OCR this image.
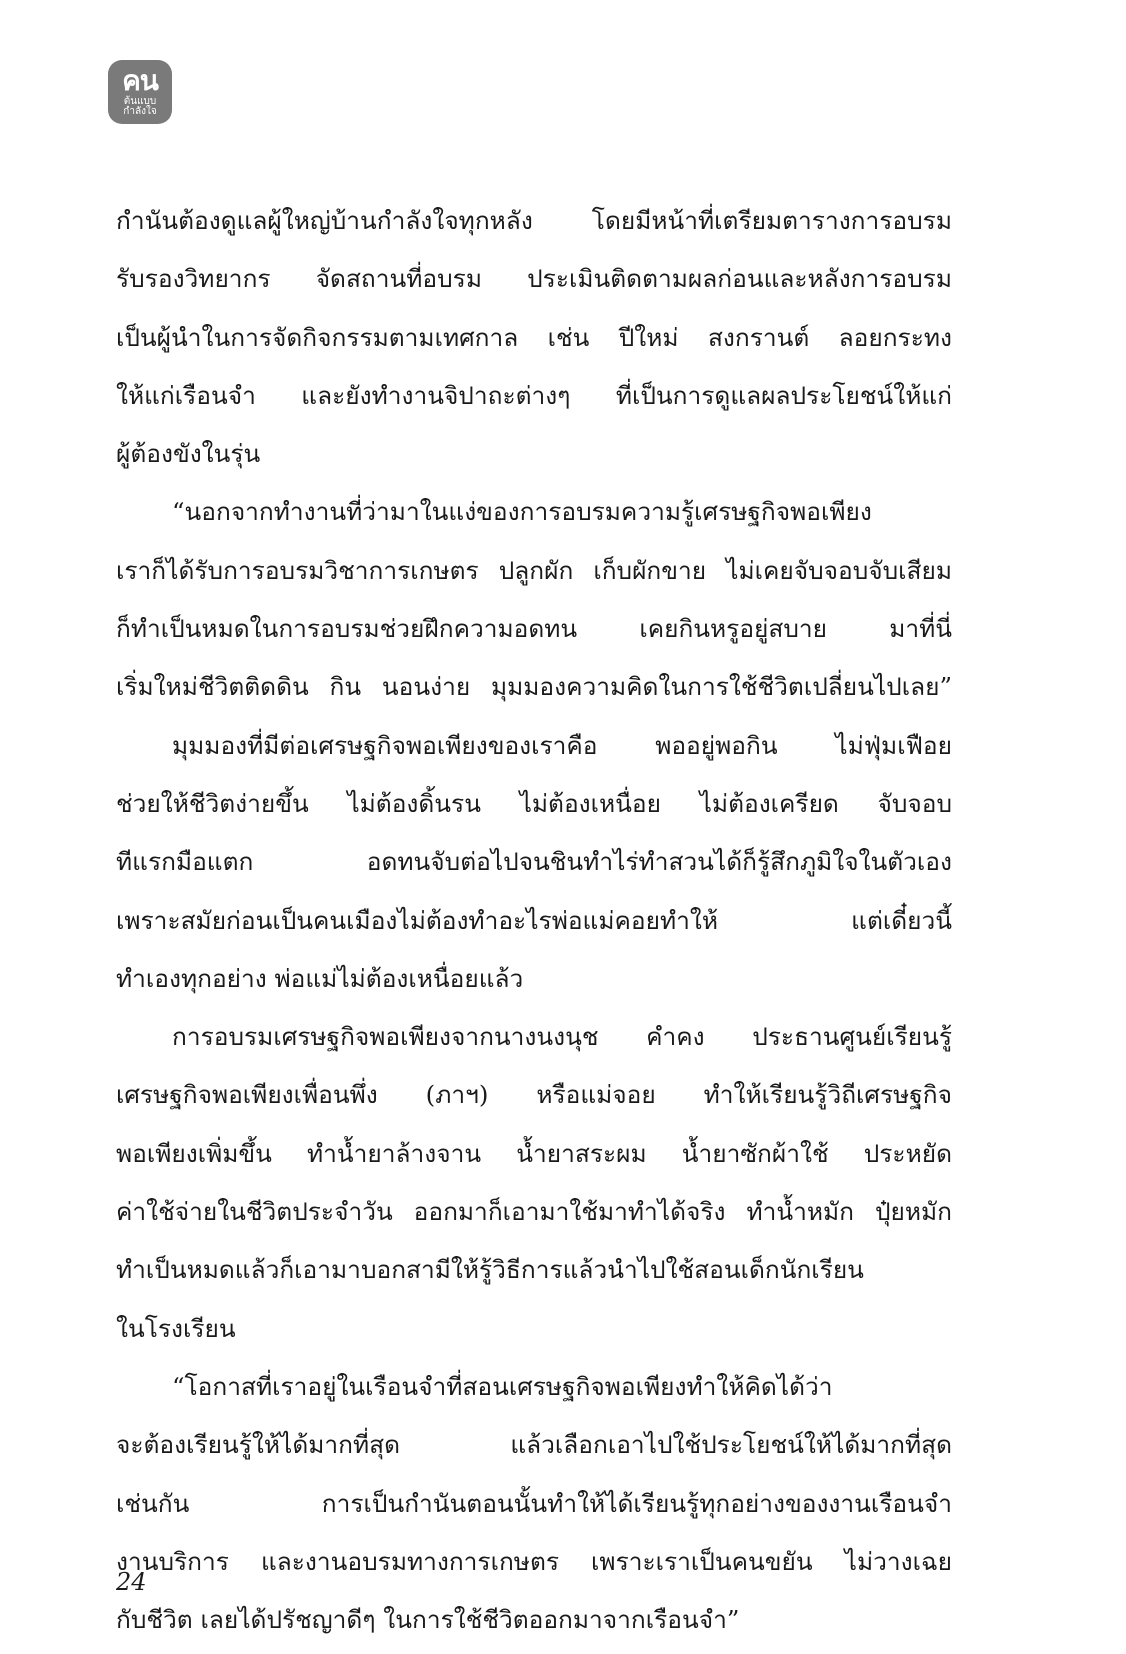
คน
ต้นแบบ
กำลังใจ

กำนันต้องดูแลผู้ใหญ่บ้านกำลังใจทุกหลัง โดยมีหน้าที่เตรียมตารางการอบรม
รับรองวิทยากร จัดสถานที่อบรม ประเมินติดตามผลก่อนและหลังการอบรม
เป็นผู้นำในการจัดกิจกรรมตามเทศกาล เช่น ปีใหม่ สงกรานต์ ลอยกระทง
ให้แก่เรือนจำ และยังทำงานจิปาถะต่างๆ ที่เป็นการดูแลผลประโยชน์ให้แก่
ผู้ต้องขังในรุ่น

“นอกจากทำงานที่ว่ามาในแง่ของการอบรมความรู้เศรษฐกิจพอเพียง
เราก็ได้รับการอบรมวิชาการเกษตร ปลูกผัก เก็บผักขาย ไม่เคยจับจอบจับเสียม
ก็ทำเป็นหมดในการอบรมช่วยฝึกความอดทน เคยกินหรูอยู่สบาย มาที่นี่
เริ่มใหม่ชีวิตติดดิน กิน นอนง่าย มุมมองความคิดในการใช้ชีวิตเปลี่ยนไปเลย”

มุมมองที่มีต่อเศรษฐกิจพอเพียงของเราคือ พออยู่พอกิน ไม่ฟุ่มเฟือย
ช่วยให้ชีวิตง่ายขึ้น ไม่ต้องดิ้นรน ไม่ต้องเหนื่อย ไม่ต้องเครียด จับจอบ
ทีแรกมือแตก อดทนจับต่อไปจนชินทำไร่ทำสวนได้ก็รู้สึกภูมิใจในตัวเอง
เพราะสมัยก่อนเป็นคนเมืองไม่ต้องทำอะไรพ่อแม่คอยทำให้ แต่เดี๋ยวนี้
ทำเองทุกอย่าง พ่อแม่ไม่ต้องเหนื่อยแล้ว

การอบรมเศรษฐกิจพอเพียงจากนางนงนุช คำคง ประธานศูนย์เรียนรู้
เศรษฐกิจพอเพียงเพื่อนพึ่ง (ภาฯ) หรือแม่จอย ทำให้เรียนรู้วิถีเศรษฐกิจ
พอเพียงเพิ่มขึ้น ทำน้ำยาล้างจาน น้ำยาสระผม น้ำยาซักผ้าใช้ ประหยัด
ค่าใช้จ่ายในชีวิตประจำวัน ออกมาก็เอามาใช้มาทำได้จริง ทำน้ำหมัก ปุ๋ยหมัก
ทำเป็นหมดแล้วก็เอามาบอกสามีให้รู้วิธีการแล้วนำไปใช้สอนเด็กนักเรียน
ในโรงเรียน

“โอกาสที่เราอยู่ในเรือนจำที่สอนเศรษฐกิจพอเพียงทำให้คิดได้ว่า
จะต้องเรียนรู้ให้ได้มากที่สุด แล้วเลือกเอาไปใช้ประโยชน์ให้ได้มากที่สุด
เช่นกัน การเป็นกำนันตอนนั้นทำให้ได้เรียนรู้ทุกอย่างของงานเรือนจำ
งานบริการ และงานอบรมทางการเกษตร เพราะเราเป็นคนขยัน ไม่วางเฉย
กับชีวิต เลยได้ปรัชญาดีๆ ในการใช้ชีวิตออกมาจากเรือนจำ”

24
